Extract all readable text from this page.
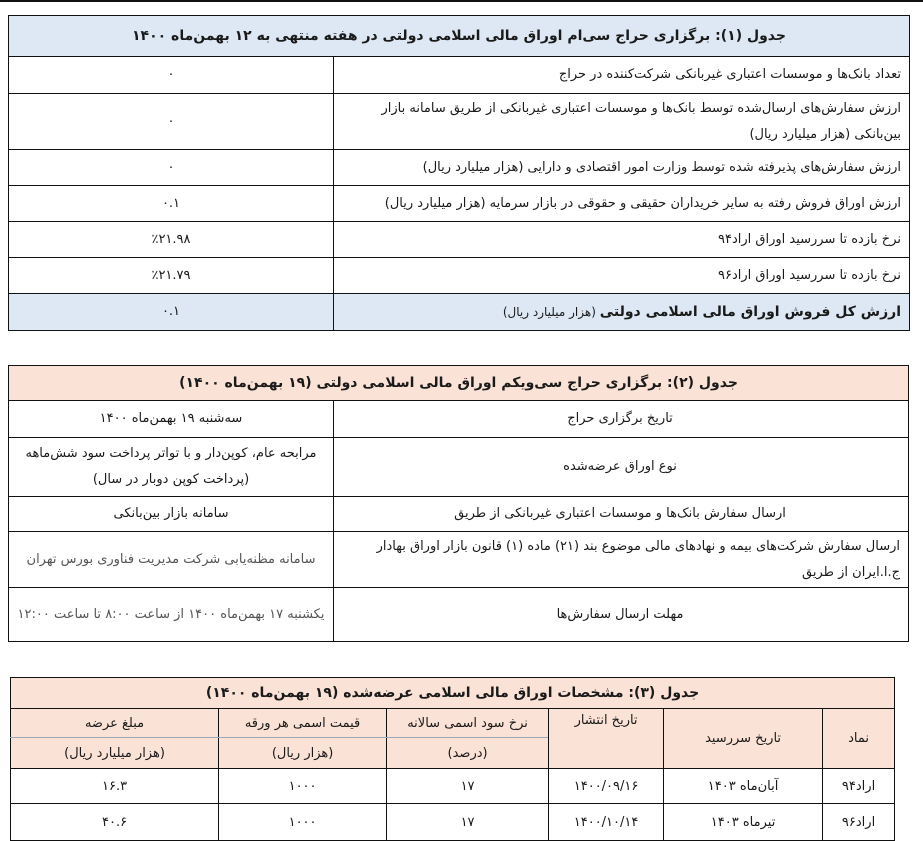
جدول (۱): برگزاری حراج سی‌ام اوراق مالی اسلامی دولتی در هفته منتهی به ۱۲ بهمن‌ماه ۱۴۰۰	
تعداد بانک‌ها و موسسات اعتباری غیربانکی شرکت‌کننده در حراج	۰
ارزش سفارش‌های ارسال‌شده توسط بانک‌ها و موسسات اعتباری غیربانکی از طریق سامانه بازار بین‌بانکی (هزار میلیارد ریال)	۰
ارزش سفارش‌های پذیرفته شده توسط وزارت امور اقتصادی و دارایی (هزار میلیارد ریال)	۰
ارزش اوراق فروش رفته به سایر خریداران حقیقی و حقوقی در بازار سرمایه (هزار میلیارد ریال)	۰.۱
نرخ بازده تا سررسید اوراق اراد۹۴	٪۲۱.۹۸
نرخ بازده تا سررسید اوراق اراد۹۶	٪۲۱.۷۹
ارزش کل فروش اوراق مالی اسلامی دولتی (هزار میلیارد ریال)	۰.۱
جدول (۲): برگزاری حراج سی‌ویکم اوراق مالی اسلامی دولتی (۱۹ بهمن‌ماه ۱۴۰۰)	
تاریخ برگزاری حراج	سه‌شنبه ۱۹ بهمن‌ماه ۱۴۰۰
نوع اوراق عرضه‌شده	مرابحه عام، کوپن‌دار و با تواتر پرداخت سود شش‌ماهه (پرداخت کوپن دوبار در سال)
ارسال سفارش بانک‌ها و موسسات اعتباری غیربانکی از طریق	سامانه بازار بین‌بانکی
ارسال سفارش شرکت‌های بیمه و نهادهای مالی موضوع بند (۲۱) ماده (۱) قانون بازار اوراق بهادار ج.ا.ایران از طریق	سامانه مظنه‌یابی شرکت مدیریت فناوری بورس تهران
مهلت ارسال سفارش‌ها	یکشنبه ۱۷ بهمن‌ماه ۱۴۰۰ از ساعت ۸:۰۰ تا ساعت ۱۲:۰۰
جدول (۳): مشخصات اوراق مالی اسلامی عرضه‌شده (۱۹ بهمن‌ماه ۱۴۰۰)					
نماد	تاریخ سررسید	تاریخ انتشار	نرخ سود اسمی سالانه	قیمت اسمی هر ورقه	مبلغ عرضه
			(درصد)	(هزار ریال)	(هزار میلیارد ریال)
اراد۹۴	آبان‌ماه ۱۴۰۳	۱۴۰۰/۰۹/۱۶	۱۷	۱۰۰۰	۱۶.۳
اراد۹۶	تیرماه ۱۴۰۳	۱۴۰۰/۱۰/۱۴	۱۷	۱۰۰۰	۴۰.۶
